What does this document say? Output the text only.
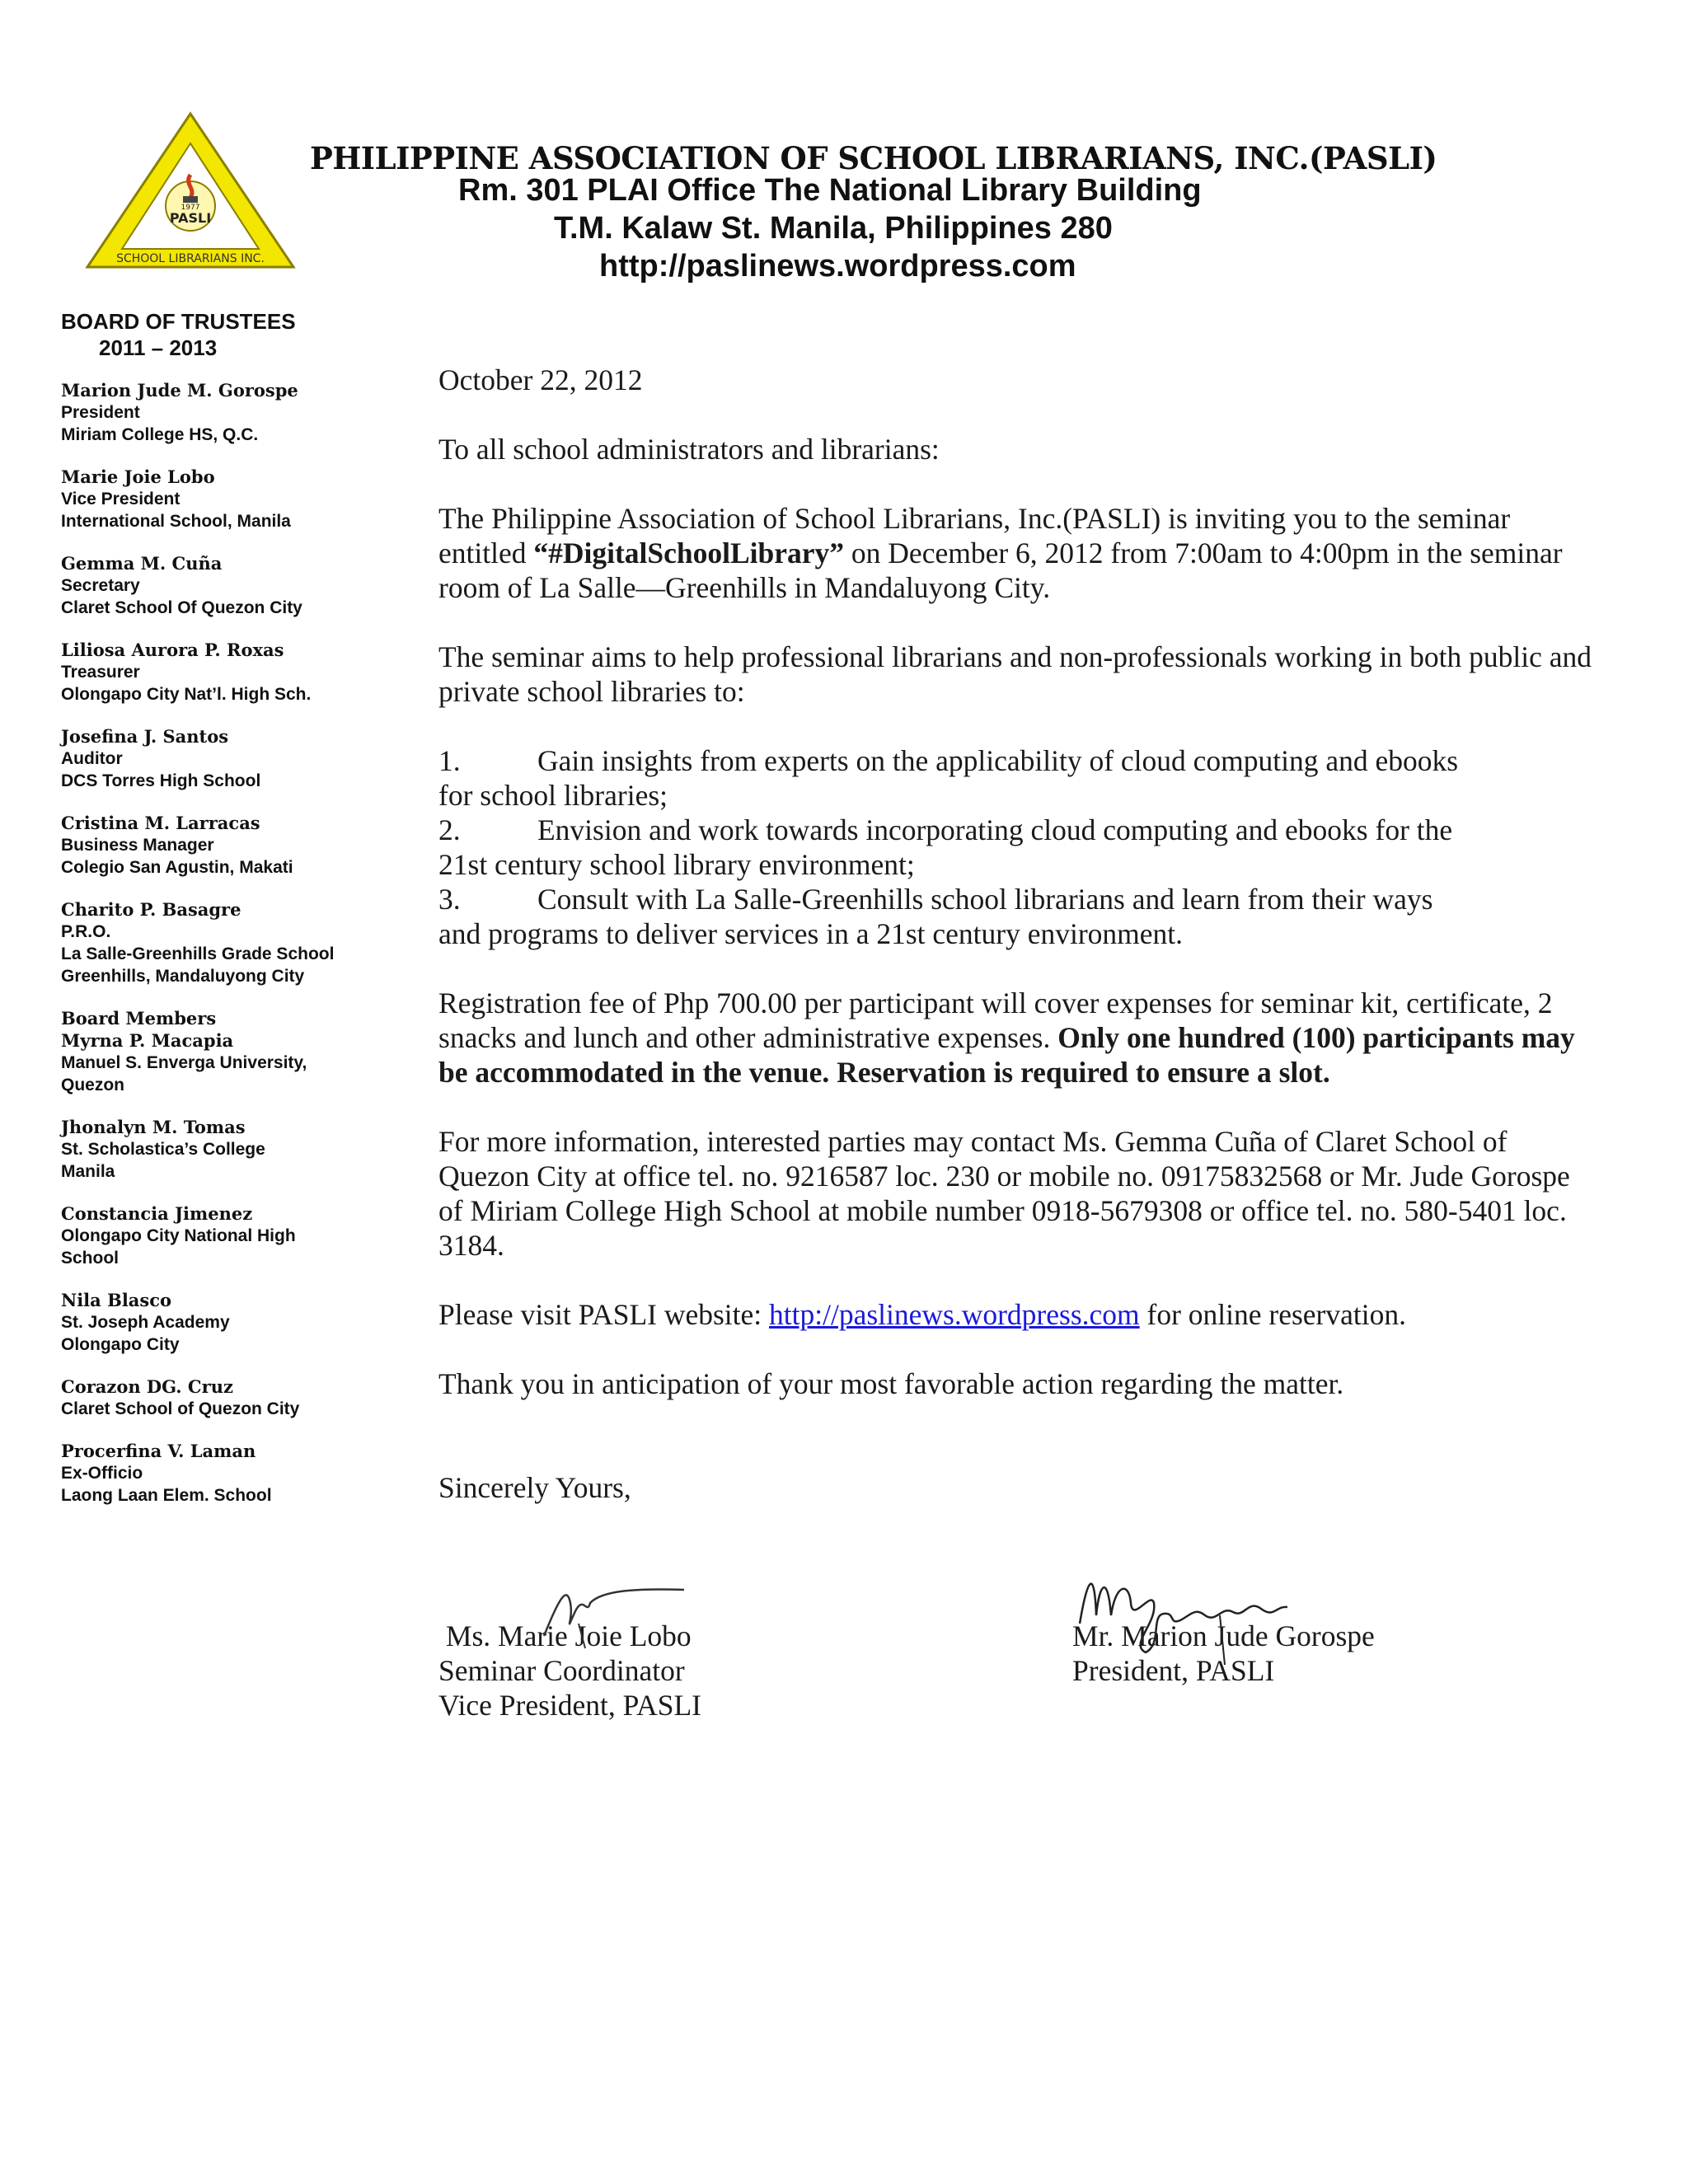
PASLI
1977
SCHOOL LIBRARIANS INC.
PHILIPPINE ASSOCIATION OF SCHOOL LIBRARIANS, INC.(PASLI)
Rm. 301 PLAI Office The National Library Building
T.M. Kalaw St. Manila, Philippines 280
http://paslinews.wordpress.com
BOARD OF TRUSTEES
2011 – 2013
Marion Jude M. Gorospe
President
Miriam College HS, Q.C.
Marie Joie Lobo
Vice President
International School, Manila
Gemma M. Cuña
Secretary
Claret School Of Quezon City
Liliosa Aurora P. Roxas
Treasurer
Olongapo City Nat’l. High Sch.
Josefina J. Santos
Auditor
DCS Torres High School
Cristina M. Larracas
Business Manager
Colegio San Agustin, Makati
Charito P. Basagre
P.R.O.
La Salle-Greenhills Grade School
Greenhills, Mandaluyong City
Board Members
Myrna P. Macapia
Manuel S. Enverga University,
Quezon
Jhonalyn M. Tomas
St. Scholastica’s College
Manila
Constancia Jimenez
Olongapo City National High
School
Nila Blasco
St. Joseph Academy
Olongapo City
Corazon DG. Cruz
Claret School of Quezon City
Procerfina V. Laman
Ex-Officio
Laong Laan Elem. School

October 22, 2012

To all school administrators and librarians:

The Philippine Association of School Librarians, Inc.(PASLI) is inviting you to the seminar entitled “#DigitalSchoolLibrary” on December 6, 2012 from 7:00am to 4:00pm in the seminar room of La Salle—Greenhills in Mandaluyong City.

The seminar aims to help professional librarians and non-professionals working in both public and private school libraries to:

1.	Gain insights from experts on the applicability of cloud computing and ebooks
for school libraries;
2.	Envision and work towards incorporating cloud computing and ebooks for the
21st century school library environment;
3.	Consult with La Salle-Greenhills school librarians and learn from their ways
and programs to deliver services in a 21st century environment.

Registration fee of Php 700.00 per participant will cover expenses for seminar kit, certificate, 2 snacks and lunch and other administrative expenses. Only one hundred (100) participants may be accommodated in the venue. Reservation is required to ensure a slot.

For more information, interested parties may contact Ms. Gemma Cuña of Claret School of Quezon City at office tel. no. 9216587 loc. 230 or mobile no. 09175832568 or Mr. Jude Gorospe of Miriam College High School at mobile number 0918-5679308 or office tel. no. 580-5401 loc. 3184.

Please visit PASLI website: http://paslinews.wordpress.com for online reservation.

Thank you in anticipation of your most favorable action regarding the matter.

Sincerely Yours,

Ms. Marie Joie Lobo
Seminar Coordinator
Vice President, PASLI
Mr. Marion Jude Gorospe
President, PASLI
